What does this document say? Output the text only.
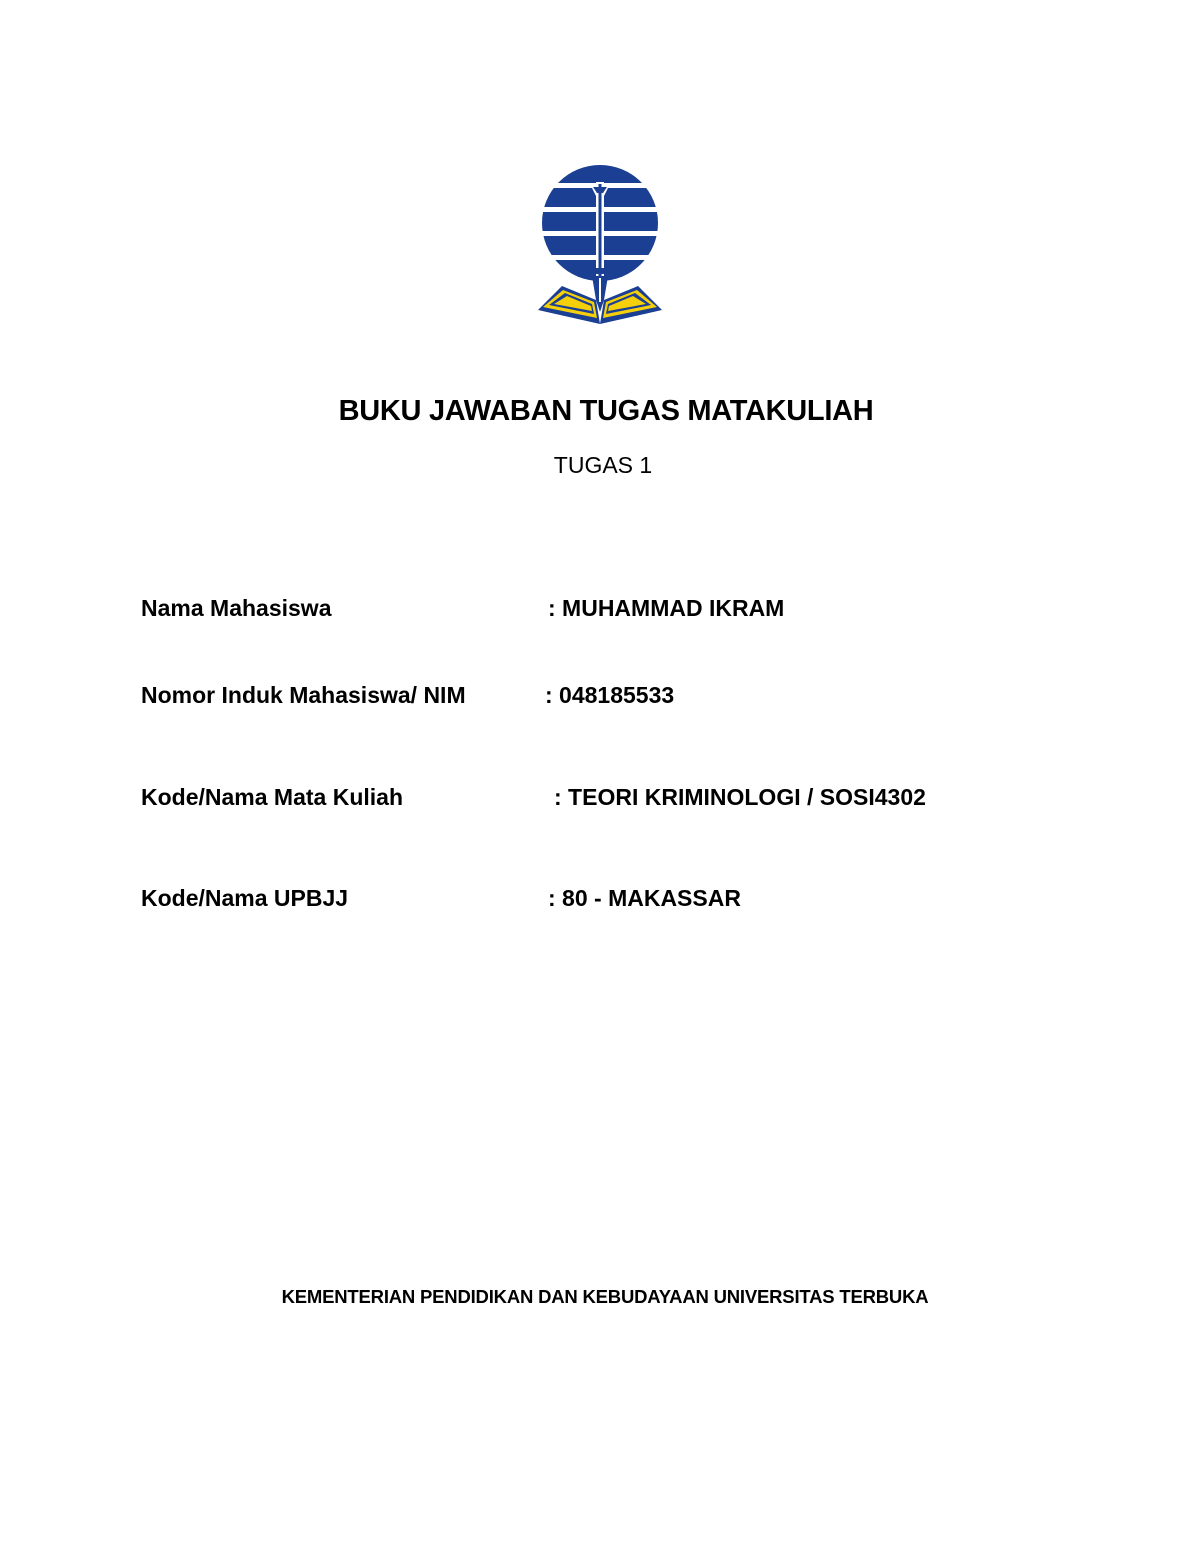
BUKU JAWABAN TUGAS MATAKULIAH
TUGAS 1
Nama Mahasiswa	: MUHAMMAD IKRAM
Nomor Induk Mahasiswa/ NIM	: 048185533
Kode/Nama Mata Kuliah	: TEORI KRIMINOLOGI / SOSI4302
Kode/Nama UPBJJ	: 80 - MAKASSAR
KEMENTERIAN PENDIDIKAN DAN KEBUDAYAAN UNIVERSITAS TERBUKA
